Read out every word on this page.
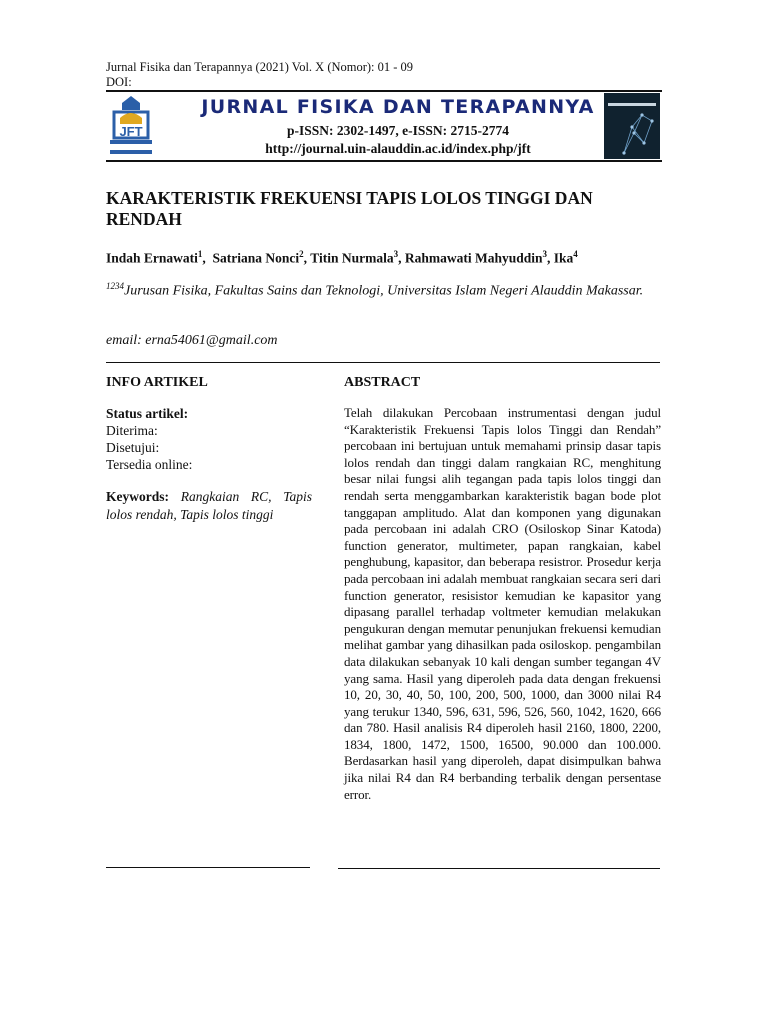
Jurnal Fisika dan Terapannya (2021) Vol. X (Nomor): 01 - 09
DOI:
JFT
JURNAL FISIKA DAN TERAPANNYA
p-ISSN: 2302-1497, e-ISSN: 2715-2774
http://journal.uin-alauddin.ac.id/index.php/jft
KARAKTERISTIK FREKUENSI TAPIS LOLOS TINGGI DAN RENDAH
Indah Ernawati$^1$,  Satriana Nonci$^2$, Titin Nurmala$^3$, Rahmawati Mahyuddin$^3$, Ika$^4$
$^{1234}$Jurusan Fisika, Fakultas Sains dan Teknologi, Universitas Islam Negeri Alauddin Makassar.
email: erna54061@gmail.com
INFO ARTIKEL	ABSTRACT
Status artikel:
Diterima:
Disetujui:
Tersedia online:
Keywords: Rangkaian RC, Tapis lolos rendah, Tapis lolos tinggi
Telah dilakukan Percobaan instrumentasi dengan judul “Karakteristik Frekuensi Tapis lolos Tinggi dan Rendah” percobaan ini bertujuan untuk memahami prinsip dasar tapis lolos rendah dan tinggi dalam rangkaian RC, menghitung besar nilai fungsi alih tegangan pada tapis lolos tinggi dan rendah serta menggambarkan karakteristik bagan bode plot tanggapan amplitudo. Alat dan komponen yang digunakan pada percobaan ini adalah CRO (Osiloskop Sinar Katoda) function generator, multimeter, papan rangkaian, kabel penghubung, kapasitor, dan beberapa resistror. Prosedur kerja pada percobaan ini adalah membuat rangkaian secara seri dari function generator, resisistor kemudian ke kapasitor yang dipasang parallel terhadap voltmeter kemudian melakukan pengukuran dengan memutar penunjukan frekuensi kemudian melihat gambar yang dihasilkan pada osiloskop. pengambilan data dilakukan sebanyak 10 kali dengan sumber tegangan 4V yang sama. Hasil yang diperoleh pada data dengan frekuensi 10, 20, 30, 40, 50, 100, 200, 500, 1000, dan 3000 nilai R4 yang terukur 1340, 596, 631, 596, 526, 560, 1042, 1620, 666 dan 780. Hasil analisis R4 diperoleh hasil 2160, 1800, 2200, 1834, 1800, 1472, 1500, 16500, 90.000 dan 100.000. Berdasarkan hasil yang diperoleh, dapat disimpulkan bahwa jika nilai R4 dan R4 berbanding terbalik dengan persentase error.
